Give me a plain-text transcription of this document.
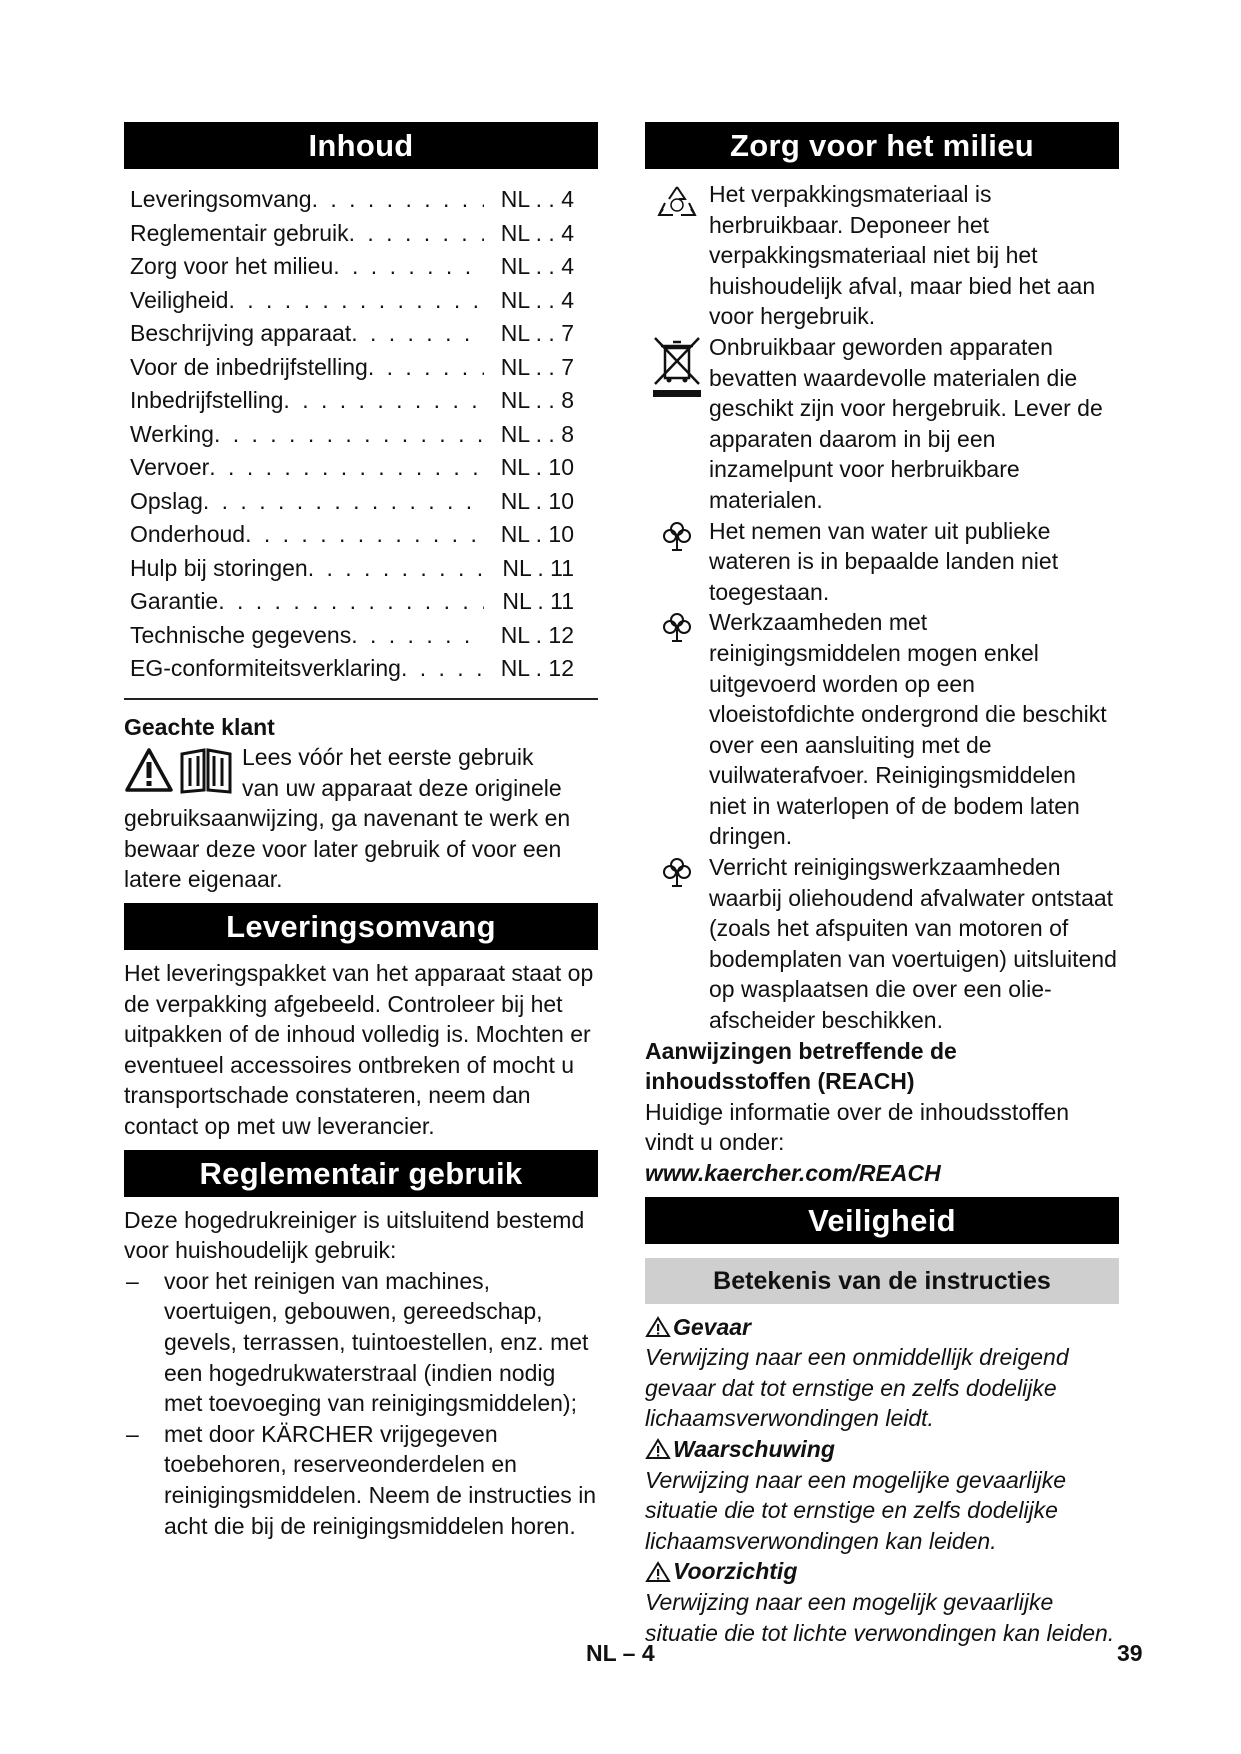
Inhoud
Leveringsomvang . . .	NL . . 4
Reglementair gebruik . . .	NL . . 4
Zorg voor het milieu . . .	NL . . 4
Veiligheid . . .	NL . . 4
Beschrijving apparaat . . .	NL . . 7
Voor de inbedrijfstelling . . .	NL . . 7
Inbedrijfstelling . . .	NL . . 8
Werking . . .	NL . . 8
Vervoer . . .	NL . 10
Opslag . . .	NL . 10
Onderhoud . . .	NL . 10
Hulp bij storingen . . .	NL . 11
Garantie . . .	NL . 11
Technische gegevens . . .	NL . 12
EG-conformiteitsverklaring . . .	NL . 12

Geachte klant

Lees vóór het eerste gebruik
van uw apparaat deze originele

gebruiksaanwijzing, ga navenant te werk en bewaar deze voor later gebruik of voor een latere eigenaar.

Leveringsomvang

Het leveringspakket van het apparaat staat op de verpakking afgebeeld. Controleer bij het uitpakken of de inhoud volledig is. Mochten er eventueel accessoires ontbreken of mocht u transportschade constateren, neem dan contact op met uw leverancier.

Reglementair gebruik

Deze hogedrukreiniger is uitsluitend bestemd voor huishoudelijk gebruik:

– voor het reinigen van machines, voertuigen, gebouwen, gereedschap, gevels, terrassen, tuintoestellen, enz. met een hogedrukwaterstraal (indien nodig met toevoeging van reinigingsmiddelen);
– met door KÄRCHER vrijgegeven toebehoren, reserveonderdelen en reinigingsmiddelen. Neem de instructies in acht die bij de reinigingsmiddelen horen.
Zorg voor het milieu
Het verpakkingsmateriaal is herbruikbaar. Deponeer het verpakkingsmateriaal niet bij het huishoudelijk afval, maar bied het aan voor hergebruik.
Onbruikbaar geworden apparaten bevatten waardevolle materialen die geschikt zijn voor hergebruik. Lever de apparaten daarom in bij een inzamelpunt voor herbruikbare materialen.
Het nemen van water uit publieke wateren is in bepaalde landen niet toegestaan.
Werkzaamheden met reinigingsmiddelen mogen enkel uitgevoerd worden op een vloeistofdichte ondergrond die beschikt over een aansluiting met de vuilwaterafvoer. Reinigingsmiddelen niet in waterlopen of de bodem laten dringen.
Verricht reinigingswerkzaamheden waarbij oliehoudend afvalwater ontstaat (zoals het afspuiten van motoren of bodemplaten van voertuigen) uitsluitend op wasplaatsen die over een olie-afscheider beschikken.

Aanwijzingen betreffende de inhoudsstoffen (REACH)

Huidige informatie over de inhoudsstoffen vindt u onder:

www.kaercher.com/REACH

Veiligheid
Betekenis van de instructies
Gevaar

Verwijzing naar een onmiddellijk dreigend gevaar dat tot ernstige en zelfs dodelijke lichaamsverwondingen leidt.

Waarschuwing

Verwijzing naar een mogelijke gevaarlijke situatie die tot ernstige en zelfs dodelijke lichaamsverwondingen kan leiden.

Voorzichtig

Verwijzing naar een mogelijk gevaarlijke situatie die tot lichte verwondingen kan leiden.

NL – 4	39
